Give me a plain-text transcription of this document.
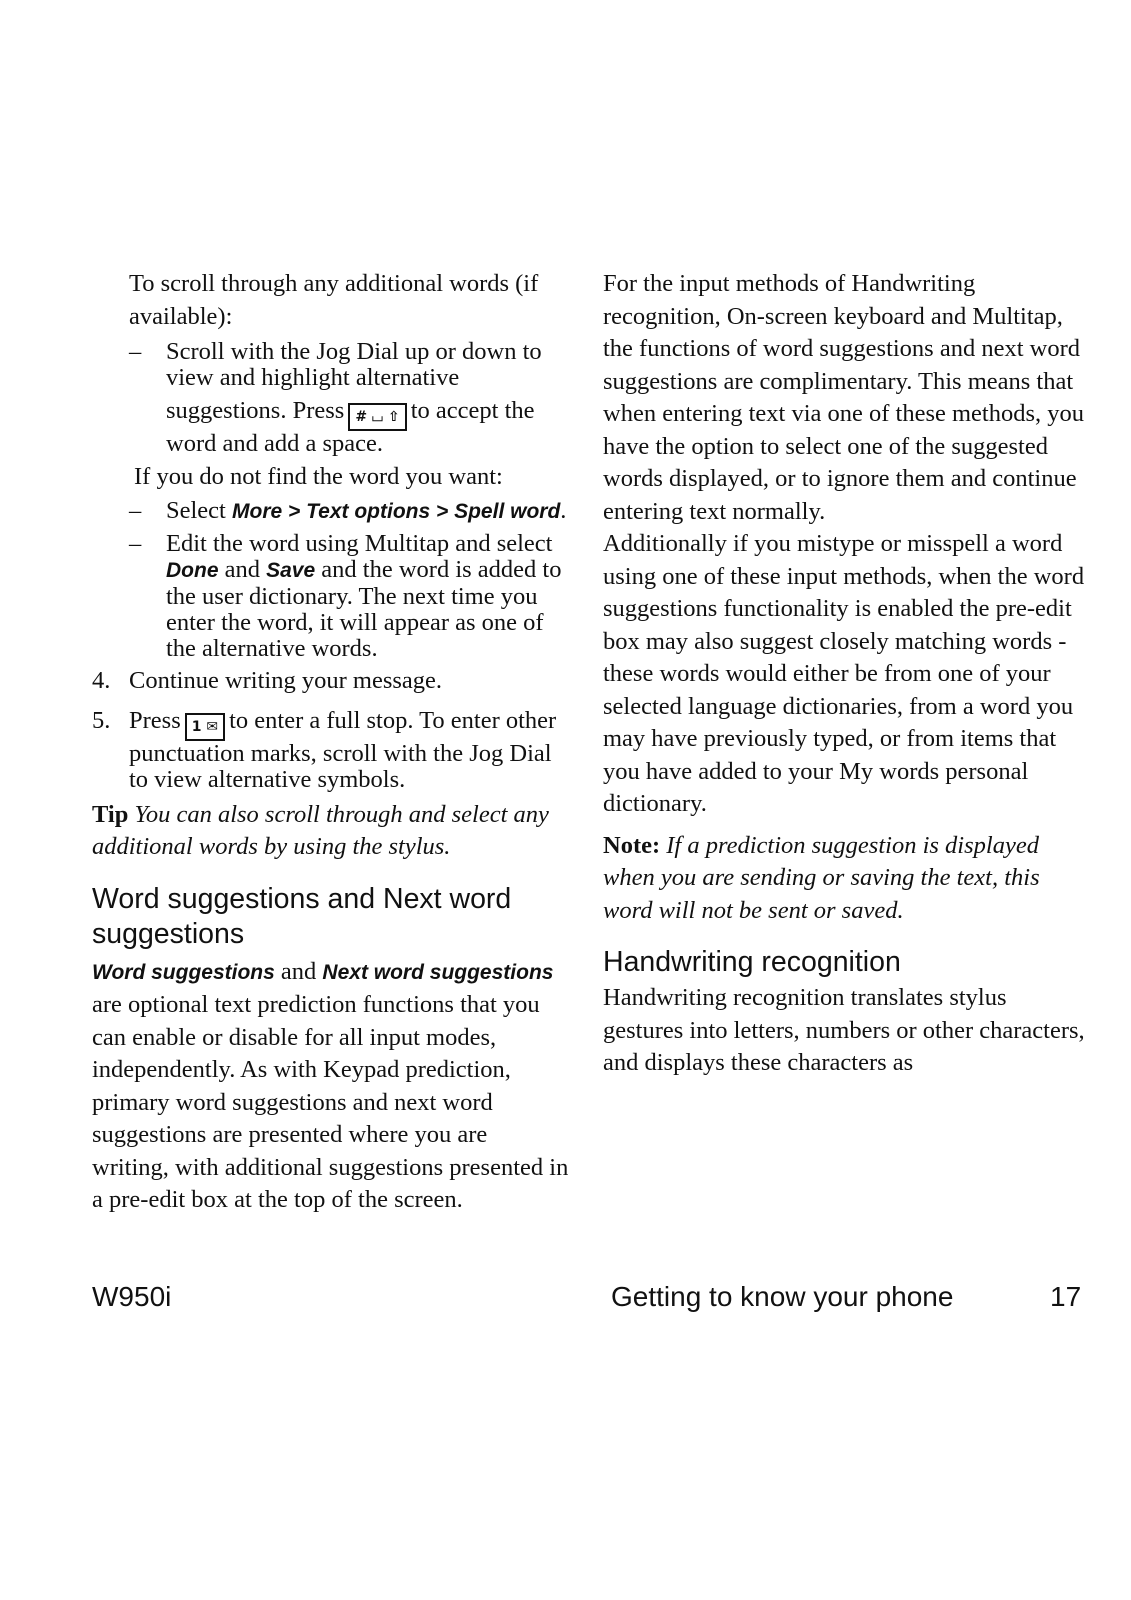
To scroll through any additional words (if available):

– Scroll with the Jog Dial up or down to view and highlight alternative
suggestions. Press # ⌴ ⇧ to accept the word and add a space.

If you do not find the word you want:

– Select More > Text options > Spell word.
– Edit the word using Multitap and select Done and Save and the word is added to the user dictionary. The next time you enter the word, it will appear as one of the alternative words.
4. Continue writing your message.
5. Press 1 ✉ to enter a full stop. To enter other punctuation marks, scroll with the Jog Dial to view alternative symbols.

Tip You can also scroll through and select any additional words by using the stylus.

Word suggestions and Next word suggestions

Word suggestions and Next word suggestions are optional text prediction functions that you can enable or disable for all input modes, independently. As with Keypad prediction, primary word suggestions and next word suggestions are presented where you are writing, with additional suggestions presented in a pre-edit box at the top of the screen.

For the input methods of Handwriting recognition, On-screen keyboard and Multitap, the functions of word suggestions and next word suggestions are complimentary. This means that when entering text via one of these methods, you have the option to select one of the suggested words displayed, or to ignore them and continue entering text normally.

Additionally if you mistype or misspell a word using one of these input methods, when the word suggestions functionality is enabled the pre-edit box may also suggest closely matching words - these words would either be from one of your selected language dictionaries, from a word you may have previously typed, or from items that you have added to your My words personal dictionary.

Note: If a prediction suggestion is displayed when you are sending or saving the text, this word will not be sent or saved.

Handwriting recognition

Handwriting recognition translates stylus gestures into letters, numbers or other characters, and displays these characters as

W950i	Getting to know your phone	17
